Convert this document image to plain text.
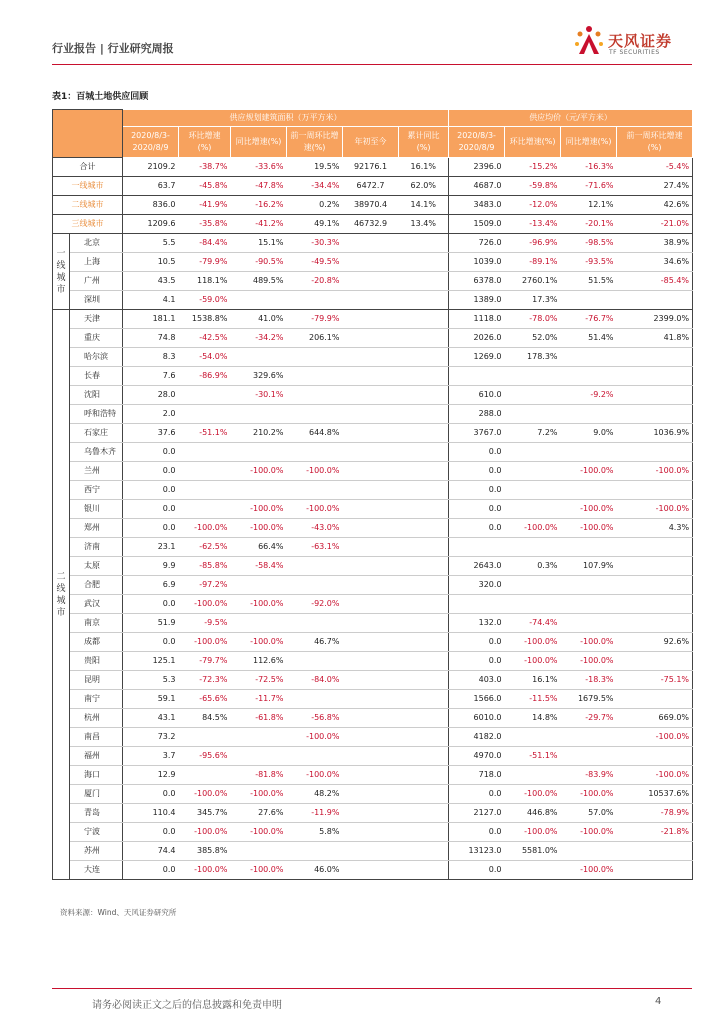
行业报告 | 行业研究周报	天风证券
TF SECURITIES
表1：百城土地供应回顾
		供应规划建筑面积（万平方米）						供应均价（元/平方米）			
		2020/8/3-2020/8/9	环比增速(%)	同比增速(%)	前一周环比增速(%)	年初至今	累计同比(%)	2020/8/3-2020/8/9	环比增速(%)	同比增速(%)	前一周环比增速(%)
合计		2109.2	-38.7%	-33.6%	19.5%	92176.1	16.1%	2396.0	-15.2%	-16.3%	-5.4%
一线城市		63.7	-45.8%	-47.8%	-34.4%	6472.7	62.0%	4687.0	-59.8%	-71.6%	27.4%
二线城市		836.0	-41.9%	-16.2%	0.2%	38970.4	14.1%	3483.0	-12.0%	12.1%	42.6%
三线城市		1209.6	-35.8%	-41.2%	49.1%	46732.9	13.4%	1509.0	-13.4%	-20.1%	-21.0%
一
线
城
市	北京	5.5	-84.4%	15.1%	-30.3%			726.0	-96.9%	-98.5%	38.9%
	上海	10.5	-79.9%	-90.5%	-49.5%			1039.0	-89.1%	-93.5%	34.6%
	广州	43.5	118.1%	489.5%	-20.8%			6378.0	2760.1%	51.5%	-85.4%
	深圳	4.1	-59.0%					1389.0	17.3%		
二
线
城
市	天津	181.1	1538.8%	41.0%	-79.9%			1118.0	-78.0%	-76.7%	2399.0%
	重庆	74.8	-42.5%	-34.2%	206.1%			2026.0	52.0%	51.4%	41.8%
	哈尔滨	8.3	-54.0%					1269.0	178.3%		
	长春	7.6	-86.9%	329.6%							
	沈阳	28.0		-30.1%				610.0		-9.2%	
	呼和浩特	2.0						288.0			
	石家庄	37.6	-51.1%	210.2%	644.8%			3767.0	7.2%	9.0%	1036.9%
	乌鲁木齐	0.0						0.0			
	兰州	0.0		-100.0%	-100.0%			0.0		-100.0%	-100.0%
	西宁	0.0						0.0			
	银川	0.0		-100.0%	-100.0%			0.0		-100.0%	-100.0%
	郑州	0.0	-100.0%	-100.0%	-43.0%			0.0	-100.0%	-100.0%	4.3%
	济南	23.1	-62.5%	66.4%	-63.1%						
	太原	9.9	-85.8%	-58.4%				2643.0	0.3%	107.9%	
	合肥	6.9	-97.2%					320.0			
	武汉	0.0	-100.0%	-100.0%	-92.0%						
	南京	51.9	-9.5%					132.0	-74.4%		
	成都	0.0	-100.0%	-100.0%	46.7%			0.0	-100.0%	-100.0%	92.6%
	贵阳	125.1	-79.7%	112.6%				0.0	-100.0%	-100.0%	
	昆明	5.3	-72.3%	-72.5%	-84.0%			403.0	16.1%	-18.3%	-75.1%
	南宁	59.1	-65.6%	-11.7%				1566.0	-11.5%	1679.5%	
	杭州	43.1	84.5%	-61.8%	-56.8%			6010.0	14.8%	-29.7%	669.0%
	南昌	73.2			-100.0%			4182.0			-100.0%
	福州	3.7	-95.6%					4970.0	-51.1%		
	海口	12.9		-81.8%	-100.0%			718.0		-83.9%	-100.0%
	厦门	0.0	-100.0%	-100.0%	48.2%			0.0	-100.0%	-100.0%	10537.6%
	青岛	110.4	345.7%	27.6%	-11.9%			2127.0	446.8%	57.0%	-78.9%
	宁波	0.0	-100.0%	-100.0%	5.8%			0.0	-100.0%	-100.0%	-21.8%
	苏州	74.4	385.8%					13123.0	5581.0%		
	大连	0.0	-100.0%	-100.0%	46.0%			0.0		-100.0%	
资料来源：Wind、天风证券研究所
请务必阅读正文之后的信息披露和免责申明	4
